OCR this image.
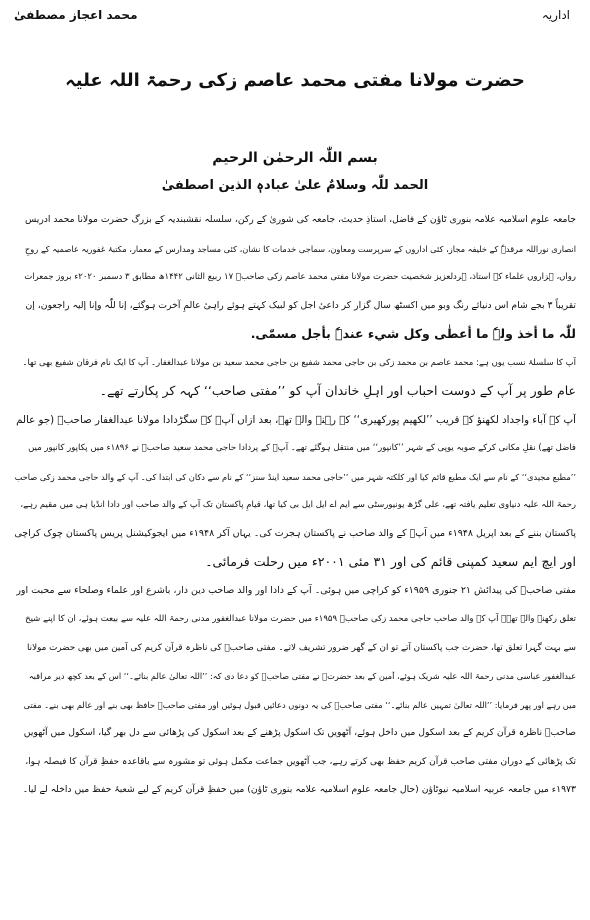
محمد اعجاز مصطفیٰ	اداریہ
حضرت مولانا مفتی محمد عاصم زکی رحمۃ اللہ علیہ
بسم اللّٰہ الرحمٰن الرحیم
الحمد للّٰہ وسلامٌ علیٰ عبادہٖ الذین اصطفیٰ
جامعہ علوم اسلامیہ علامہ بنوری ٹاؤن کے فاضل، استاذِ حدیث، جامعہ کی شوریٰ کے رکن، سلسلہ نقشبندیہ کے بزرگ حضرت مولانا محمد ادریس
انصاری نوراللہ مرقدہٗ کے خلیفہ مجاز، کئی اداروں کے سرپرست ومعاون، سماجی خدمات کا نشان، کئی مساجد ومدارس کے معمار، مکتبۂ غفوریہ عاصمیہ کے روحِ
رواں، ہزاروں علماء کے استاذ، ہردلعزیز شخصیت حضرت مولانا مفتی محمد عاصم زکی صاحبؒ ۱۷ ربیع الثانی ۱۴۴۲ھ مطابق ۳ دسمبر ۲۰۲۰ء بروز جمعرات
تقریباً ۳ بجے شام اس دنیائے رنگ وبو میں اکسٹھ سال گزار کر داعیٔ اجل کو لبیک کہتے ہوئے راہیٔ عالمِ آخرت ہوگئے، إنا للّٰہ وإنا إلیہ راجعون، إن
للّٰہ ما أخذ ولہٗ ما أعطٰی وکل شيء عندہٗ بأجل مسمّٰی.
آپ کا سلسلۂ نسب یوں ہے: محمد عاصم بن محمد زکی بن حاجی محمد شفیع بن حاجی محمد سعید بن مولانا عبدالغفار۔ آپ کا ایک نام فرقان شفیع بھی تھا۔
عام طور پر آپ کے دوست احباب اور اہلِ خاندان آپ کو ’’مفتی صاحب‘‘ کہہ کر پکارتے تھے۔
آپ کے آباء واجداد لکھنؤ کے قریب ’’لکھیم پورکھیری‘‘ کے رہنے والے تھے، بعد ازاں آپؒ کے سگڑدادا مولانا عبدالغفار صاحبؒ (جو عالم
فاضل تھے) نقلِ مکانی کرکے صوبہ یوپی کے شہر ’’کانپور‘‘ میں منتقل ہوگئے تھے۔ آپؒ کے پردادا حاجی محمد سعید صاحبؒ نے ۱۸۹۶ء میں پکاپور کانپور میں
’’مطبع مجیدی‘‘ کے نام سے ایک مطبع قائم کیا اور کلکتہ شہر میں ’’حاجی محمد سعید اینڈ سنز‘‘ کے نام سے دکان کی ابتدا کی۔ آپ کے والد حاجی محمد زکی صاحب
رحمۃ اللہ علیہ دنیاوی تعلیم یافتہ تھے، علی گڑھ یونیورسٹی سے ایم اے ایل ایل بی کیا تھا، قیامِ پاکستان تک آپ کے والد صاحب اور دادا انڈیا ہی میں مقیم رہے،
پاکستان بننے کے بعد اپریل ۱۹۴۸ء میں آپؒ کے والد صاحب نے پاکستان ہجرت کی۔ یہاں آکر ۱۹۴۸ء میں ایجوکیشنل پریس پاکستان چوک کراچی
اور ایچ ایم سعید کمپنی قائم کی اور ۳۱ مئی ۲۰۰۱ء میں رحلت فرمائی۔
مفتی صاحبؒ کی پیدائش ۲۱ جنوری ۱۹۵۹ء کو کراچی میں ہوئی۔ آپ کے دادا اور والد صاحب دین دار، باشرع اور علماء وصلحاء سے محبت اور
تعلق رکھنے والے تھے۔ آپ کے والد صاحب حاجی محمد زکی صاحبؒ ۱۹۵۹ء میں حضرت مولانا عبدالغفور مدنی رحمۃ اللہ علیہ سے بیعت ہوئے، ان کا اپنے شیخ
سے بہت گہرا تعلق تھا، حضرت جب پاکستان آتے تو ان کے گھر ضرور تشریف لاتے۔ مفتی صاحبؒ کی ناظرہ قرآن کریم کی آمین میں بھی حضرت مولانا
عبدالغفور عباسی مدنی رحمۃ اللہ علیہ شریک ہوئے، آمین کے بعد حضرتؒ نے مفتی صاحبؒ کو دعا دی کہ: ’’اللہ تعالیٰ عالم بنائے۔‘‘ اس کے بعد کچھ دیر مراقبہ
میں رہے اور پھر فرمایا: ’’اللہ تعالیٰ تمہیں عالم بنائے۔‘‘ مفتی صاحبؒ کی یہ دونوں دعائیں قبول ہوئیں اور مفتی صاحبؒ حافظ بھی بنے اور عالم بھی بنے۔ مفتی
صاحبؒ ناظرہ قرآن کریم کے بعد اسکول میں داخل ہوئے، آٹھویں تک اسکول پڑھنے کے بعد اسکول کی پڑھائی سے دل بھر گیا، اسکول میں آٹھویں
تک پڑھائی کے دوران مفتی صاحب قرآن کریم حفظ بھی کرتے رہے، جب آٹھویں جماعت مکمل ہوئی تو مشورہ سے باقاعدہ حفظِ قرآن کا فیصلہ ہوا،
۱۹۷۳ء میں جامعہ عربیہ اسلامیہ نیوٹاؤن (حال جامعہ علوم اسلامیہ علامہ بنوری ٹاؤن) میں حفظِ قرآن کریم کے لیے شعبۂ حفظ میں داخلہ لے لیا۔
